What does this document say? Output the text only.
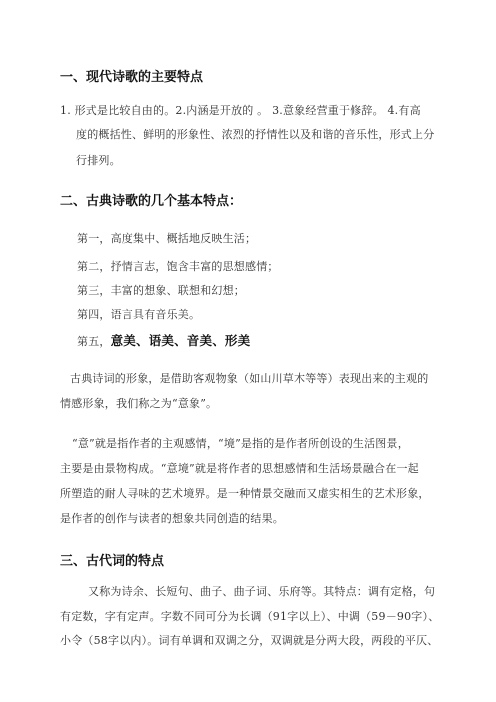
一、现代诗歌的主要特点
1. 形式是比较自由的。2.内涵是开放的 。 3.意象经营重于修辞。 4.有高
度的概括性、鲜明的形象性、浓烈的抒情性以及和谐的音乐性，形式上分
行排列。
二、古典诗歌的几个基本特点：
第一，高度集中、概括地反映生活；
第二，抒情言志，饱含丰富的思想感情；
第三，丰富的想象、联想和幻想；
第四，语言具有音乐美。
第五，意美、语美、音美、形美
古典诗词的形象，是借助客观物象（如山川草木等等）表现出来的主观的
情感形象，我们称之为“意象”。
“意”就是指作者的主观感情，“境”是指的是作者所创设的生活图景，
主要是由景物构成。“意境”就是将作者的思想感情和生活场景融合在一起
所塑造的耐人寻味的艺术境界。是一种情景交融而又虚实相生的艺术形象，
是作者的创作与读者的想象共同创造的结果。
三、古代词的特点
又称为诗余、长短句、曲子、曲子词、乐府等。其特点：调有定格，句
有定数，字有定声。字数不同可分为长调（91字以上）、中调（59－90字）、
小令（58字以内）。词有单调和双调之分，双调就是分两大段，两段的平仄、
